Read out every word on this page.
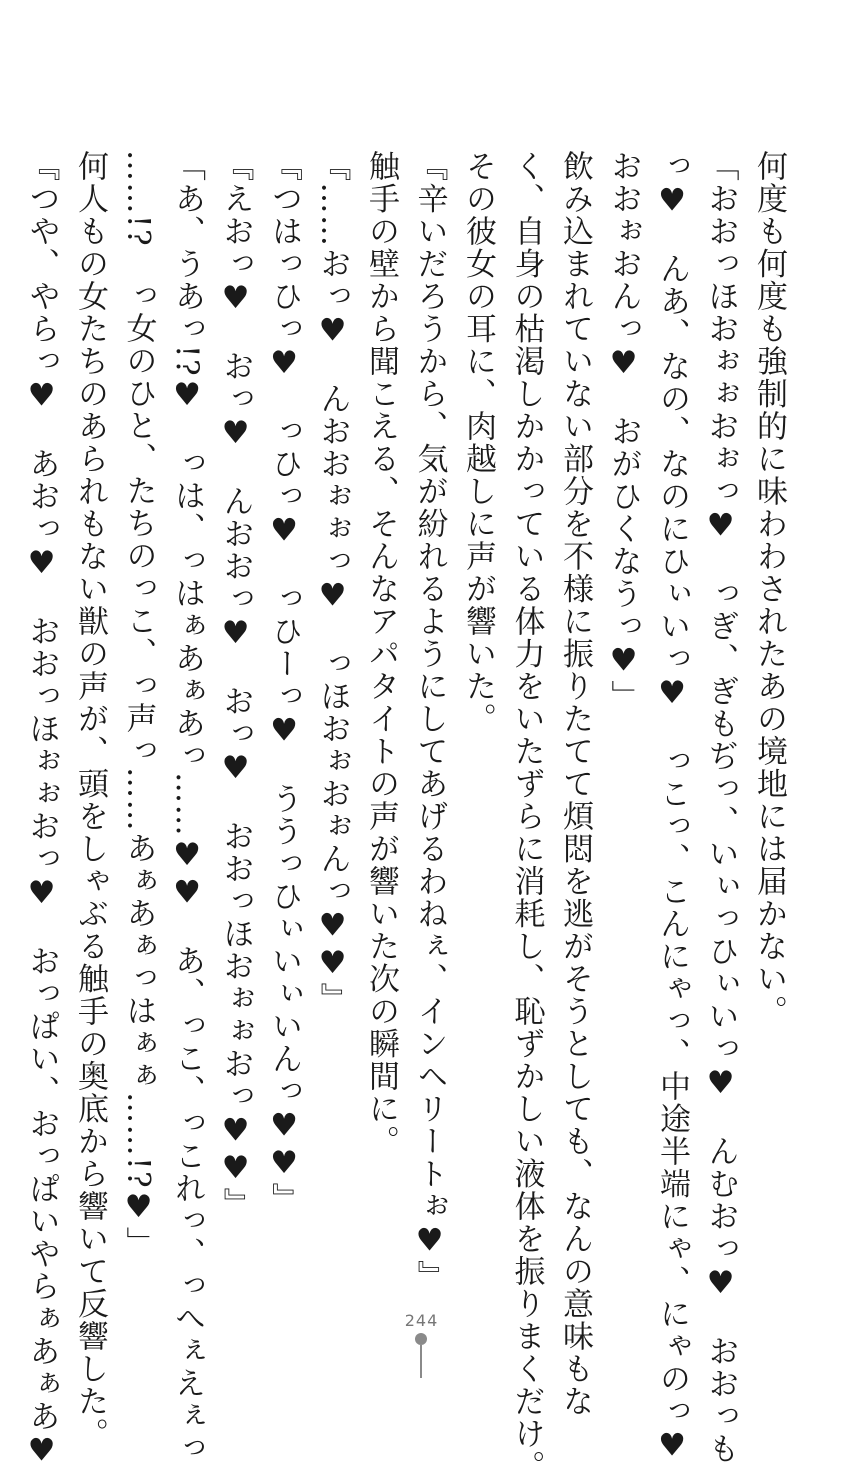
何度も何度も強制的に味わわされたあの境地には届かない。

「おおっほおぉぉおぉっ♥　っぎ、ぎもぢっ、いぃっひぃいっ♥　んむおっ♥　おおっも

っ♥　んあ、なの、なのにひぃいっ♥　っこっ、こんにゃっ、中途半端にゃ、にゃのっ♥

おおぉおんっ♥　おがひくなうっ♥」

飲み込まれていない部分を不様に振りたてて煩悶を逃がそうとしても、なんの意味もな

く、自身の枯渇しかかっている体力をいたずらに消耗し、恥ずかしい液体を振りまくだけ。

その彼女の耳に、肉越しに声が響いた。

『辛いだろうから、気が紛れるようにしてあげるわねぇ、インヘリートぉ♥』

触手の壁から聞こえる、そんなアパタイトの声が響いた次の瞬間に。

『……おっ♥　んおおぉぉっ♥　っほおぉおぉんっ♥♥』

『つはっひっ♥　っひっ♥　っひーっ♥　ううっひぃいぃいんっ♥♥』

『えおっ♥　おっ♥　んおおっ♥　おっ♥　おおっほおぉぉおっ♥♥』

「あ、うあっ!?♥　っは、っはぁあぁあっ……♥♥　あ、っこ、っこれっ、っへぇえぇっ

……!?　っ女のひと、たちのっこ、っ声っ……あぁあぁっはぁぁ……!?♥」

何人もの女たちのあられもない獣の声が、頭をしゃぶる触手の奥底から響いて反響した。

『つや、やらっ♥　あおっ♥　おおっほぉぉおっ♥　おっぱい、おっぱいやらぁあぁあ♥	244
